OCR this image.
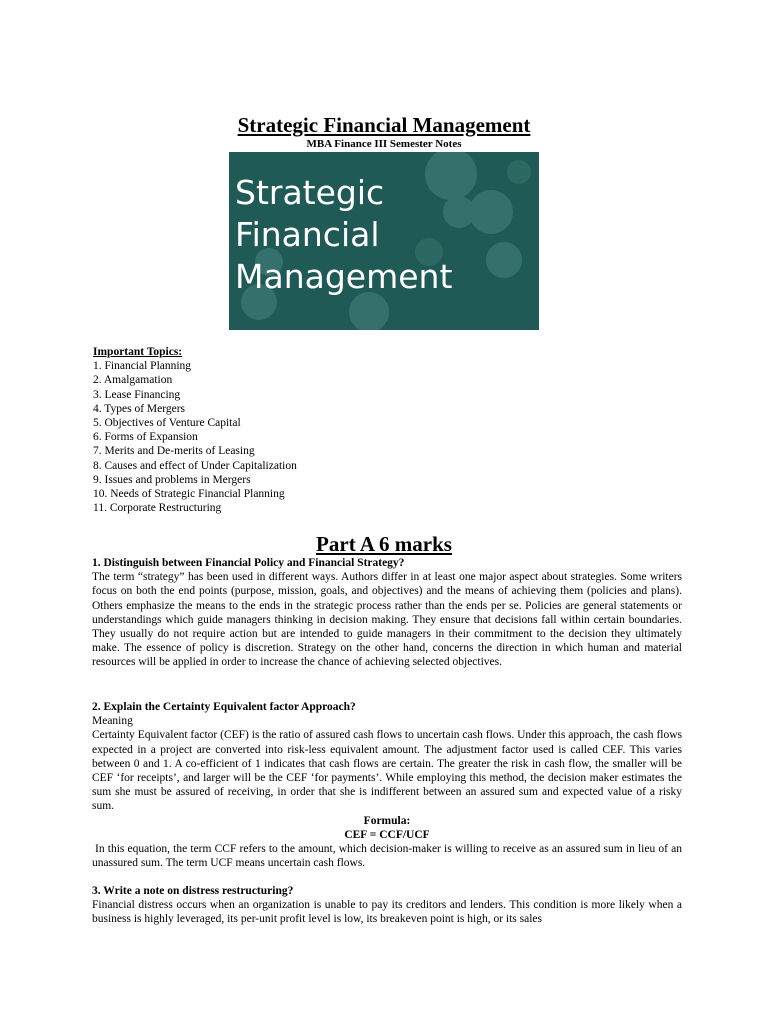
Strategic Financial Management
MBA Finance III Semester Notes
Strategic
Financial
Management
Important Topics:
1. Financial Planning
2. Amalgamation
3. Lease Financing
4. Types of Mergers
5. Objectives of Venture Capital
6. Forms of Expansion
7. Merits and De-merits of Leasing
8. Causes and effect of Under Capitalization
9. Issues and problems in Mergers
10. Needs of Strategic Financial Planning
11. Corporate Restructuring
Part A 6 marks
1. Distinguish between Financial Policy and Financial Strategy?
The term “strategy” has been used in different ways. Authors differ in at least one major aspect about strategies. Some writers focus on both the end points (purpose, mission, goals, and objectives) and the means of achieving them (policies and plans). Others emphasize the means to the ends in the strategic process rather than the ends per se. Policies are general statements or understandings which guide managers thinking in decision making. They ensure that decisions fall within certain boundaries. They usually do not require action but are intended to guide managers in their commitment to the decision they ultimately make. The essence of policy is discretion. Strategy on the other hand, concerns the direction in which human and material resources will be applied in order to increase the chance of achieving selected objectives.
2. Explain the Certainty Equivalent factor Approach?
Meaning
Certainty Equivalent factor (CEF) is the ratio of assured cash flows to uncertain cash flows. Under this approach, the cash flows expected in a project are converted into risk-less equivalent amount. The adjustment factor used is called CEF. This varies between 0 and 1. A co-efficient of 1 indicates that cash flows are certain. The greater the risk in cash flow, the smaller will be CEF ‘for receipts’, and larger will be the CEF ‘for payments’. While employing this method, the decision maker estimates the sum she must be assured of receiving, in order that she is indifferent between an assured sum and expected value of a risky sum.
Formula:
CEF = CCF/UCF
In this equation, the term CCF refers to the amount, which decision-maker is willing to receive as an assured sum in lieu of an unassured sum. The term UCF means uncertain cash flows.
3. Write a note on distress restructuring?
Financial distress occurs when an organization is unable to pay its creditors and lenders. This condition is more likely when a business is highly leveraged, its per-unit profit level is low, its breakeven point is high, or its sales
